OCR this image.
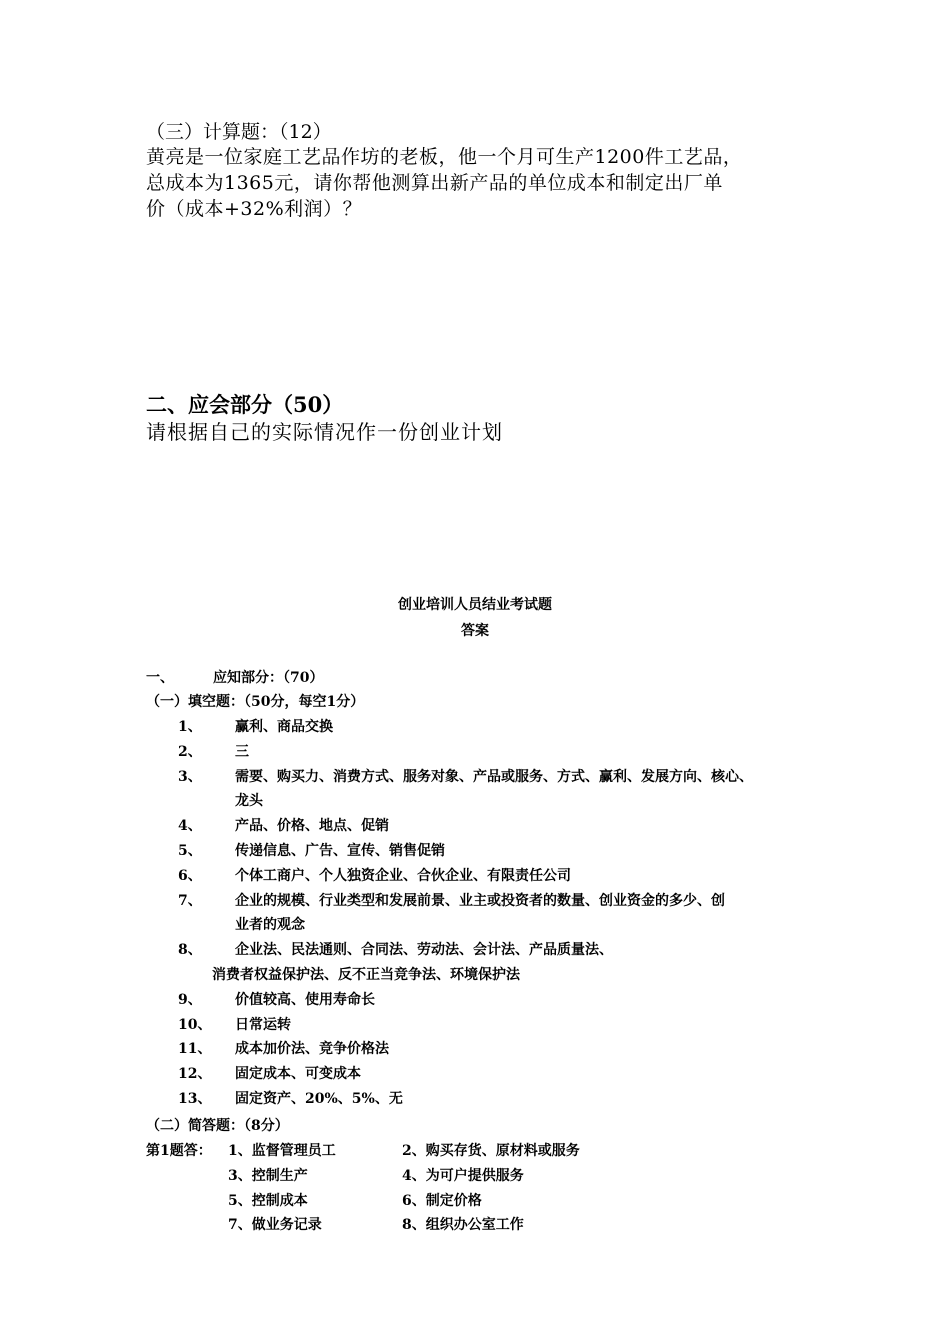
（三）计算题：（12）
黄亮是一位家庭工艺品作坊的老板，他一个月可生产1200件工艺品，
总成本为1365元，请你帮他测算出新产品的单位成本和制定出厂单
价（成本+32%利润）？
二、应会部分（50）
请根据自己的实际情况作一份创业计划
创业培训人员结业考试题
答案
一、        应知部分：（70）
（一）填空题：（50分，每空1分）
1、	赢利、商品交换
2、	三
3、	需要、购买力、消费方式、服务对象、产品或服务、方式、赢利、发展方向、核心、
龙头
4、	产品、价格、地点、促销
5、	传递信息、广告、宣传、销售促销
6、	个体工商户、个人独资企业、合伙企业、有限责任公司
7、	企业的规模、行业类型和发展前景、业主或投资者的数量、创业资金的多少、创
业者的观念
8、	企业法、民法通则、合同法、劳动法、会计法、产品质量法、
消费者权益保护法、反不正当竞争法、环境保护法
9、	价值较高、使用寿命长
10、	日常运转
11、	成本加价法、竞争价格法
12、	固定成本、可变成本
13、	固定资产、20%、5%、无
（二）简答题：（8分）
第1题答： 1、监督管理员工	2、购买存货、原材料或服务
3、控制生产	4、为可户提供服务
5、控制成本	6、制定价格
7、做业务记录	8、组织办公室工作
